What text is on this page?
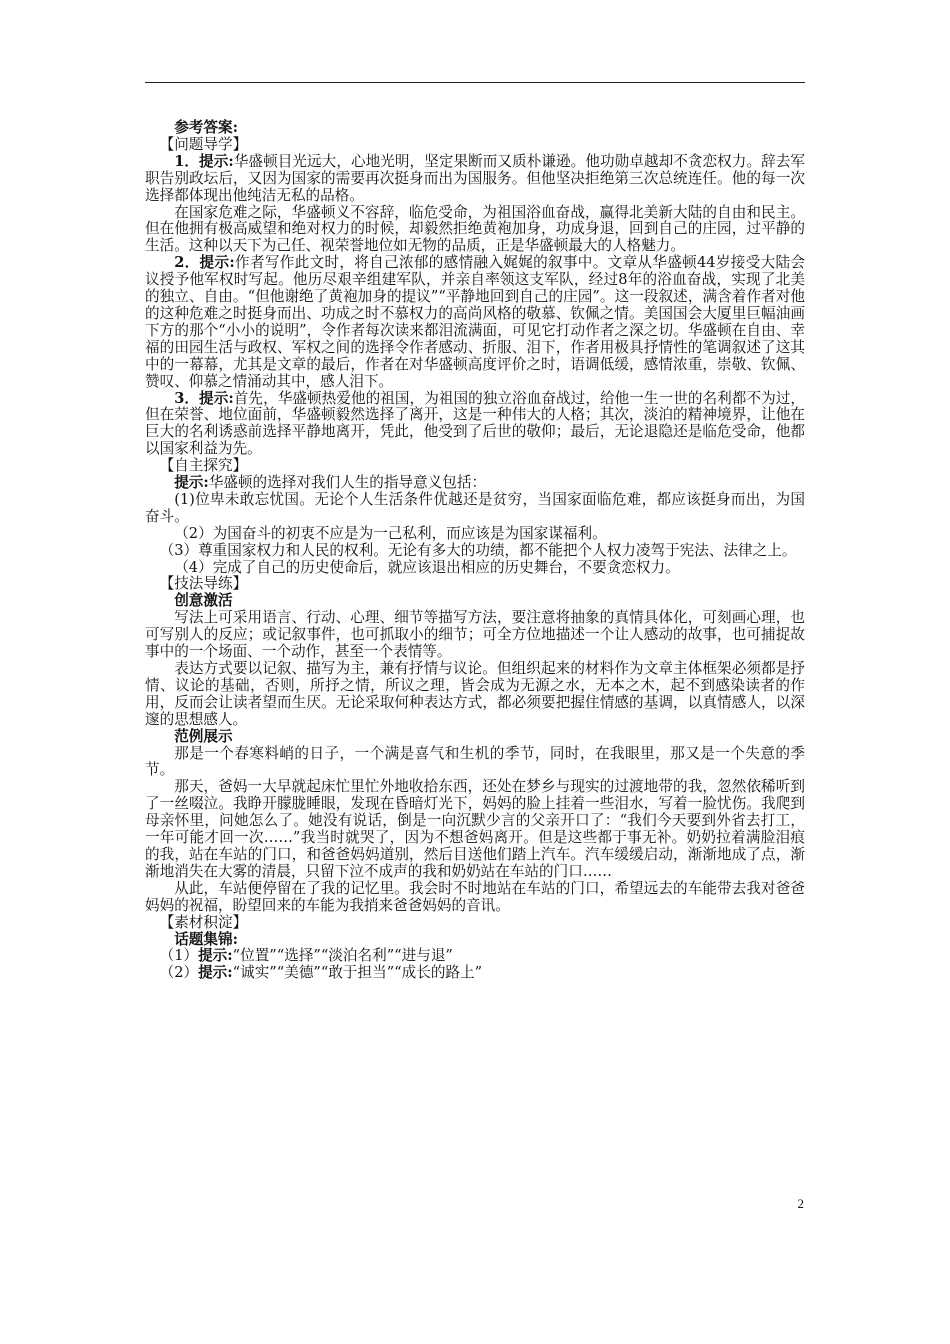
参考答案:

【问题导学】

1．提示:华盛顿目光远大，心地光明，坚定果断而又质朴谦逊。他功勋卓越却不贪恋权力。辞去军职告别政坛后，又因为国家的需要再次挺身而出为国服务。但他坚决拒绝第三次总统连任。他的每一次选择都体现出他纯洁无私的品格。

在国家危难之际，华盛顿义不容辞，临危受命，为祖国浴血奋战，赢得北美新大陆的自由和民主。但在他拥有极高威望和绝对权力的时候，却毅然拒绝黄袍加身，功成身退，回到自己的庄园，过平静的生活。这种以天下为己任、视荣誉地位如无物的品质，正是华盛顿最大的人格魅力。

2．提示:作者写作此文时，将自己浓郁的感情融入娓娓的叙事中。文章从华盛顿44岁接受大陆会议授予他军权时写起。他历尽艰辛组建军队，并亲自率领这支军队，经过8年的浴血奋战，实现了北美的独立、自由。“但他谢绝了黄袍加身的提议”“平静地回到自己的庄园”。这一段叙述，满含着作者对他的这种危难之时挺身而出、功成之时不慕权力的高尚风格的敬慕、钦佩之情。美国国会大厦里巨幅油画下方的那个“小小的说明”，令作者每次读来都泪流满面，可见它打动作者之深之切。华盛顿在自由、幸福的田园生活与政权、军权之间的选择令作者感动、折服、泪下，作者用极具抒情性的笔调叙述了这其中的一幕幕，尤其是文章的最后，作者在对华盛顿高度评价之时，语调低缓，感情浓重，崇敬、钦佩、赞叹、仰慕之情涌动其中，感人泪下。

3．提示:首先，华盛顿热爱他的祖国，为祖国的独立浴血奋战过，给他一生一世的名利都不为过，但在荣誉、地位面前，华盛顿毅然选择了离开，这是一种伟大的人格；其次，淡泊的精神境界，让他在巨大的名利诱惑前选择平静地离开，凭此，他受到了后世的敬仰；最后，无论退隐还是临危受命，他都以国家利益为先。

【自主探究】

提示:华盛顿的选择对我们人生的指导意义包括：

(1)位卑未敢忘忧国。无论个人生活条件优越还是贫穷，当国家面临危难，都应该挺身而出，为国奋斗。

（2）为国奋斗的初衷不应是为一己私利，而应该是为国家谋福利。

（3）尊重国家权力和人民的权利。无论有多大的功绩，都不能把个人权力凌驾于宪法、法律之上。

（4）完成了自己的历史使命后，就应该退出相应的历史舞台，不要贪恋权力。

【技法导练】

创意激活

写法上可采用语言、行动、心理、细节等描写方法，要注意将抽象的真情具体化，可刻画心理，也可写别人的反应；或记叙事件，也可抓取小的细节；可全方位地描述一个让人感动的故事，也可捕捉故事中的一个场面、一个动作，甚至一个表情等。

表达方式要以记叙、描写为主，兼有抒情与议论。但组织起来的材料作为文章主体框架必须都是抒情、议论的基础，否则，所抒之情，所议之理，皆会成为无源之水，无本之木，起不到感染读者的作用，反而会让读者望而生厌。无论采取何种表达方式，都必须要把握住情感的基调，以真情感人，以深邃的思想感人。

范例展示

那是一个春寒料峭的日子，一个满是喜气和生机的季节，同时，在我眼里，那又是一个失意的季节。

那天，爸妈一大早就起床忙里忙外地收拾东西，还处在梦乡与现实的过渡地带的我，忽然依稀听到了一丝啜泣。我睁开朦胧睡眼，发现在昏暗灯光下，妈妈的脸上挂着一些泪水，写着一脸忧伤。我爬到母亲怀里，问她怎么了。她没有说话，倒是一向沉默少言的父亲开口了：“我们今天要到外省去打工，一年可能才回一次……”我当时就哭了，因为不想爸妈离开。但是这些都于事无补。奶奶拉着满脸泪痕的我，站在车站的门口，和爸爸妈妈道别，然后目送他们踏上汽车。汽车缓缓启动，渐渐地成了点，渐渐地消失在大雾的清晨，只留下泣不成声的我和奶奶站在车站的门口……

从此，车站便停留在了我的记忆里。我会时不时地站在车站的门口，希望远去的车能带去我对爸爸妈妈的祝福，盼望回来的车能为我捎来爸爸妈妈的音讯。

【素材积淀】

话题集锦:

（1）提示:“位置”“选择”“淡泊名利”“进与退”

（2）提示:“诚实”“美德”“敢于担当”“成长的路上”

2
